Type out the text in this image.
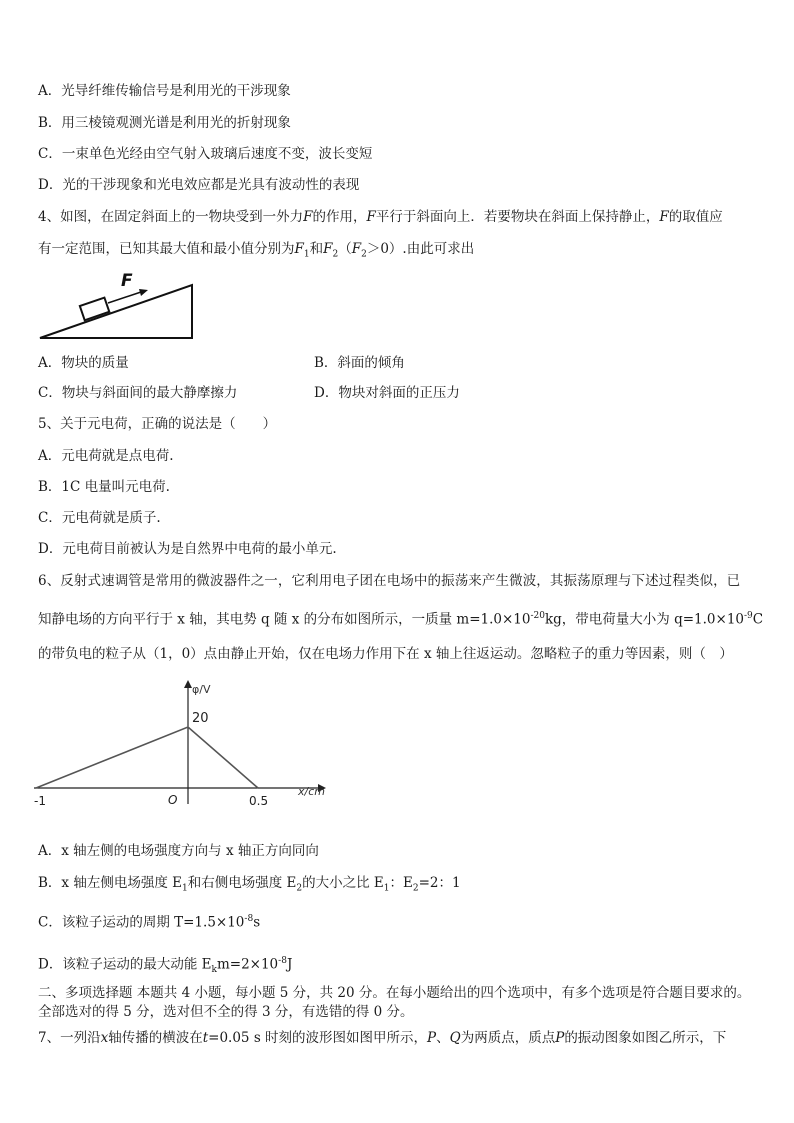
A．光导纤维传输信号是利用光的干涉现象
B．用三棱镜观测光谱是利用光的折射现象
C．一束单色光经由空气射入玻璃后速度不变，波长变短
D．光的干涉现象和光电效应都是光具有波动性的表现
4、如图，在固定斜面上的一物块受到一外力F的作用，F平行于斜面向上．若要物块在斜面上保持静止，F的取值应
有一定范围，已知其最大值和最小值分别为$F_1$和$F_2(F_2>0)$.由此可求出
F
A．物块的质量	B．斜面的倾角
C．物块与斜面间的最大静摩擦力	D．物块对斜面的正压力
5、关于元电荷，正确的说法是（　　）
A．元电荷就是点电荷.
B．1C 电量叫元电荷.
C．元电荷就是质子.
D．元电荷目前被认为是自然界中电荷的最小单元.
6、反射式速调管是常用的微波器件之一，它利用电子团在电场中的振荡来产生微波，其振荡原理与下述过程类似，已
知静电场的方向平行于 x 轴，其电势 q 随 x 的分布如图所示，一质量 $m=1.0\times 10^{-20}kg$，带电荷量大小为 $q=1.0\times 10^{-9}C$
的带负电的粒子从（1，0）点由静止开始，仅在电场力作用下在 x 轴上往返运动。忽略粒子的重力等因素，则（　）
φ/V
x/cm
20
O
-1	0.5
A．x 轴左侧的电场强度方向与 x 轴正方向同向
B．x 轴左侧电场强度 $E_1$和右侧电场强度 $E_2$的大小之比 $E_1$：$E_2=2$：1
C．该粒子运动的周期 $T=1.5\times 10^{-8}s$
D．该粒子运动的最大动能 $E_km=2\times 10^{-8}J$
二、多项选择题 本题共 4 小题，每小题 5 分，共 20 分。在每小题给出的四个选项中，有多个选项是符合题目要求的。
全部选对的得 5 分，选对但不全的得 3 分，有选错的得 0 分。
7、一列沿x轴传播的横波在t=0.05 s 时刻的波形图如图甲所示，P、Q为两质点，质点P的振动图象如图乙所示，下
